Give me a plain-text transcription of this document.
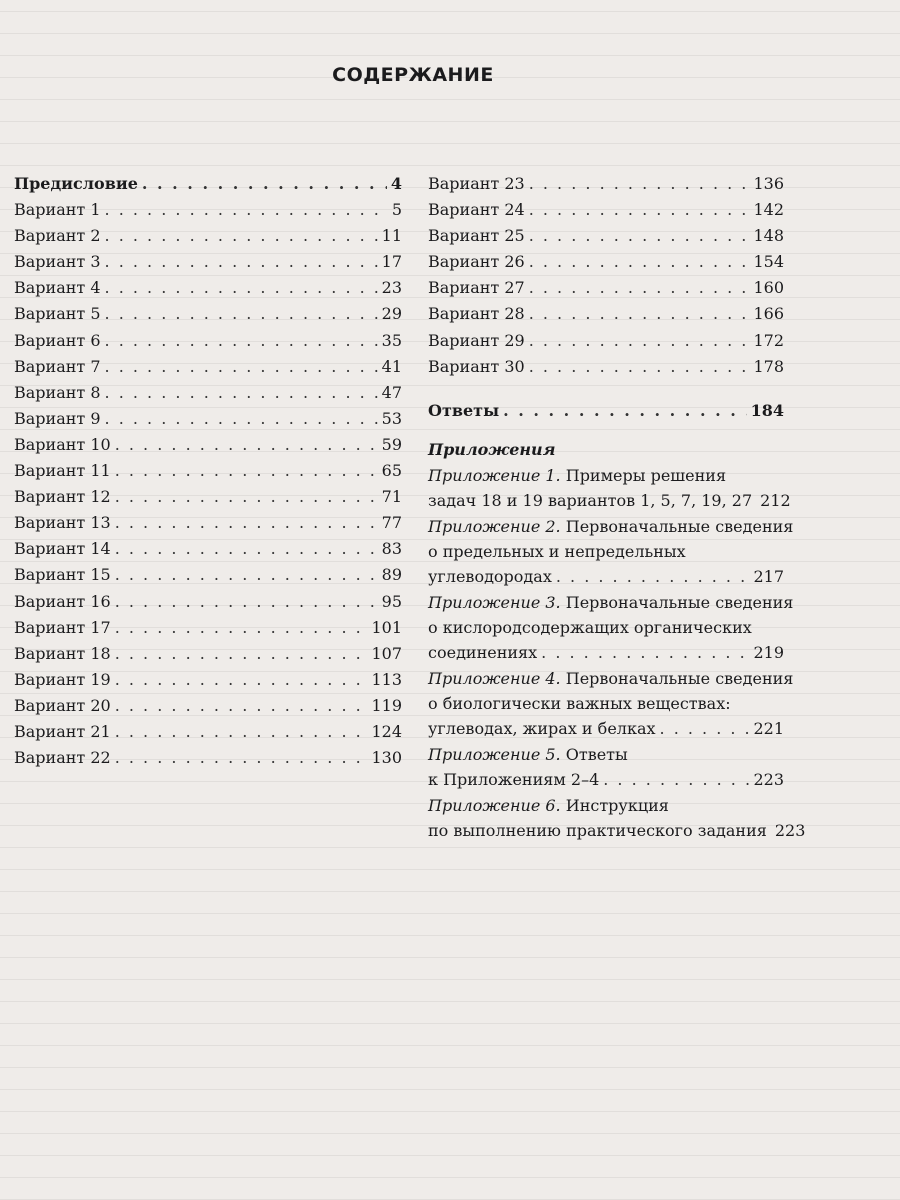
СОДЕРЖАНИЕ
Предисловие . . .	4
Вариант 1 . . .	5
Вариант 2 . . .	11
Вариант 3 . . .	17
Вариант 4 . . .	23
Вариант 5 . . .	29
Вариант 6 . . .	35
Вариант 7 . . .	41
Вариант 8 . . .	47
Вариант 9 . . .	53
Вариант 10 . . .	59
Вариант 11 . . .	65
Вариант 12 . . .	71
Вариант 13 . . .	77
Вариант 14 . . .	83
Вариант 15 . . .	89
Вариант 16 . . .	95
Вариант 17 . . .	101
Вариант 18 . . .	107
Вариант 19 . . .	113
Вариант 20 . . .	119
Вариант 21 . . .	124
Вариант 22 . . .	130
Вариант 23 . . .	136
Вариант 24 . . .	142
Вариант 25 . . .	148
Вариант 26 . . .	154
Вариант 27 . . .	160
Вариант 28 . . .	166
Вариант 29 . . .	172
Вариант 30 . . .	178
Ответы . . .	184
Приложения
Приложение 1. Примеры решения
задач 18 и 19 вариантов 1, 5, 7, 19, 27 212
Приложение 2. Первоначальные сведения
о предельных и непредельных
углеводородах . . .	217
Приложение 3. Первоначальные сведения
о кислородсодержащих органических
соединениях . . .	219
Приложение 4. Первоначальные сведения
о биологически важных веществах:
углеводах, жирах и белках . . .	221
Приложение 5. Ответы
к Приложениям 2–4 . . .	223
Приложение 6. Инструкция
по выполнению практического задания 223
